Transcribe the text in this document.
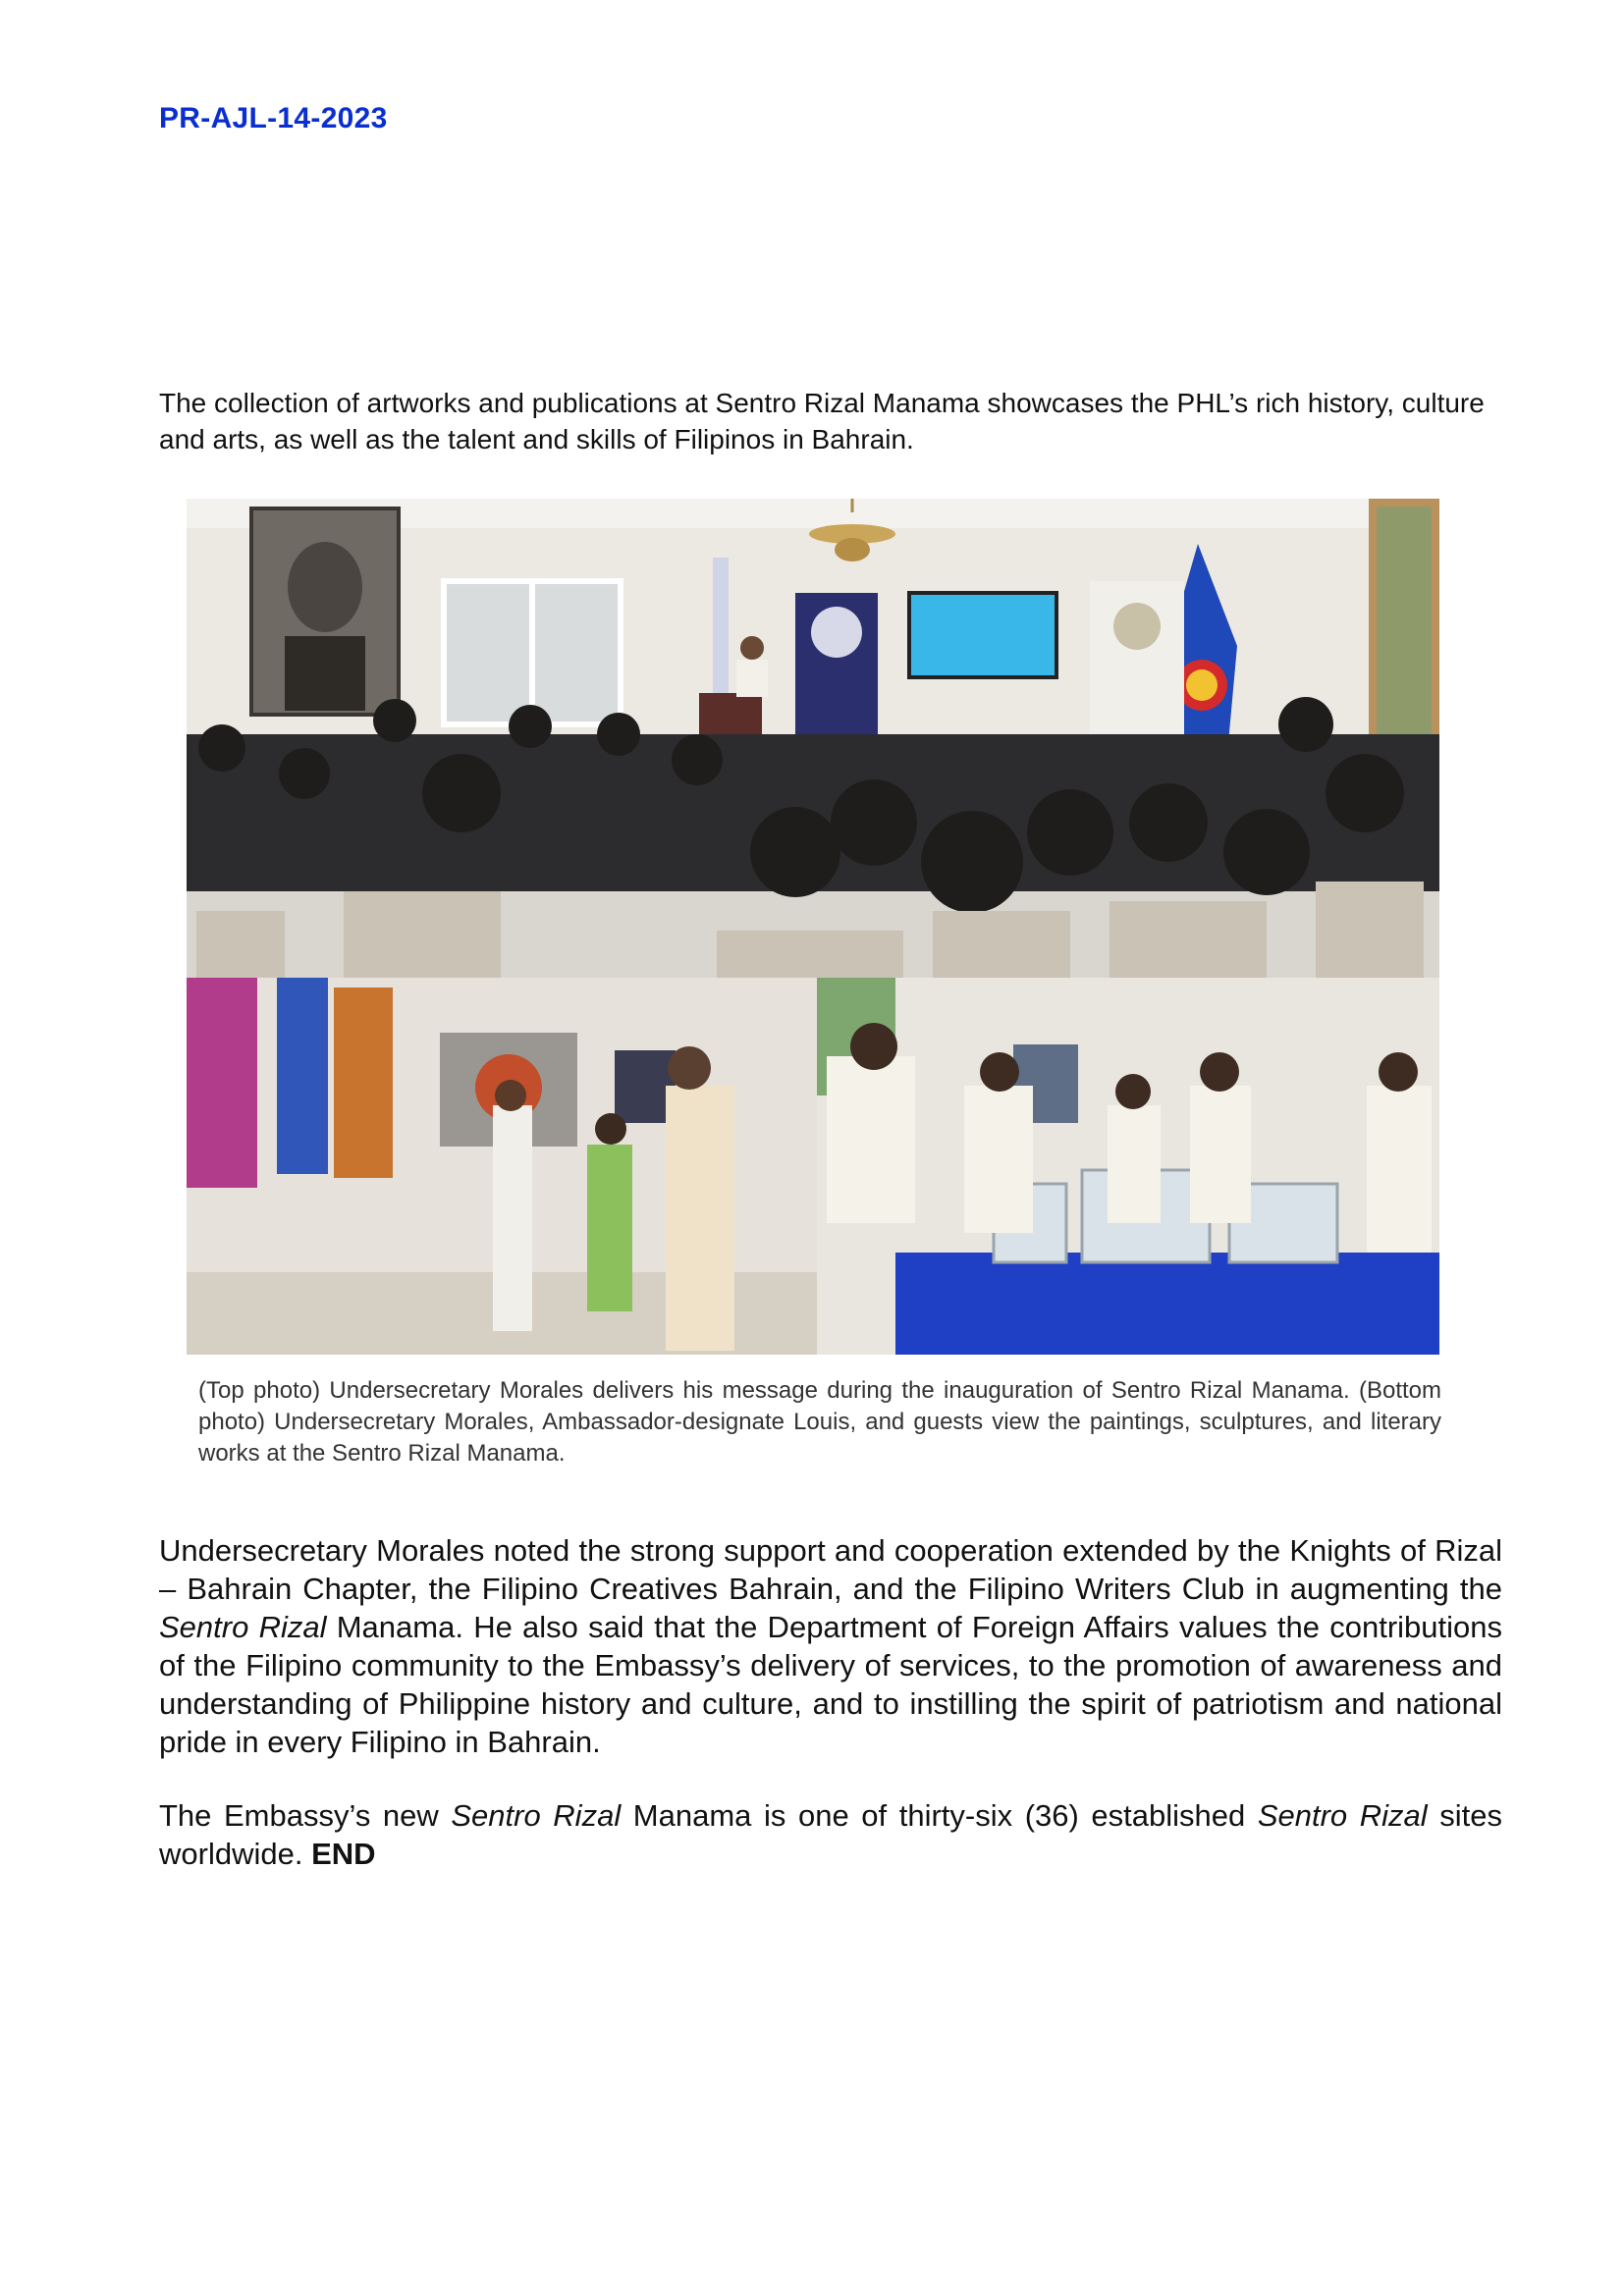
PR-AJL-14-2023

The collection of artworks and publications at Sentro Rizal Manama showcases the PHL’s rich history, culture and arts, as well as the talent and skills of Filipinos in Bahrain.

(Top photo) Undersecretary Morales delivers his message during the inauguration of Sentro Rizal Manama. (Bottom photo) Undersecretary Morales, Ambassador-designate Louis, and guests view the paintings, sculptures, and literary works at the Sentro Rizal Manama.

Undersecretary Morales noted the strong support and cooperation extended by the Knights of Rizal – Bahrain Chapter, the Filipino Creatives Bahrain, and the Filipino Writers Club in augmenting the Sentro Rizal Manama. He also said that the Department of Foreign Affairs values the contributions of the Filipino community to the Embassy’s delivery of services, to the promotion of awareness and understanding of Philippine history and culture, and to instilling the spirit of patriotism and national pride in every Filipino in Bahrain.

The Embassy’s new Sentro Rizal Manama is one of thirty-six (36) established Sentro Rizal sites worldwide. END
